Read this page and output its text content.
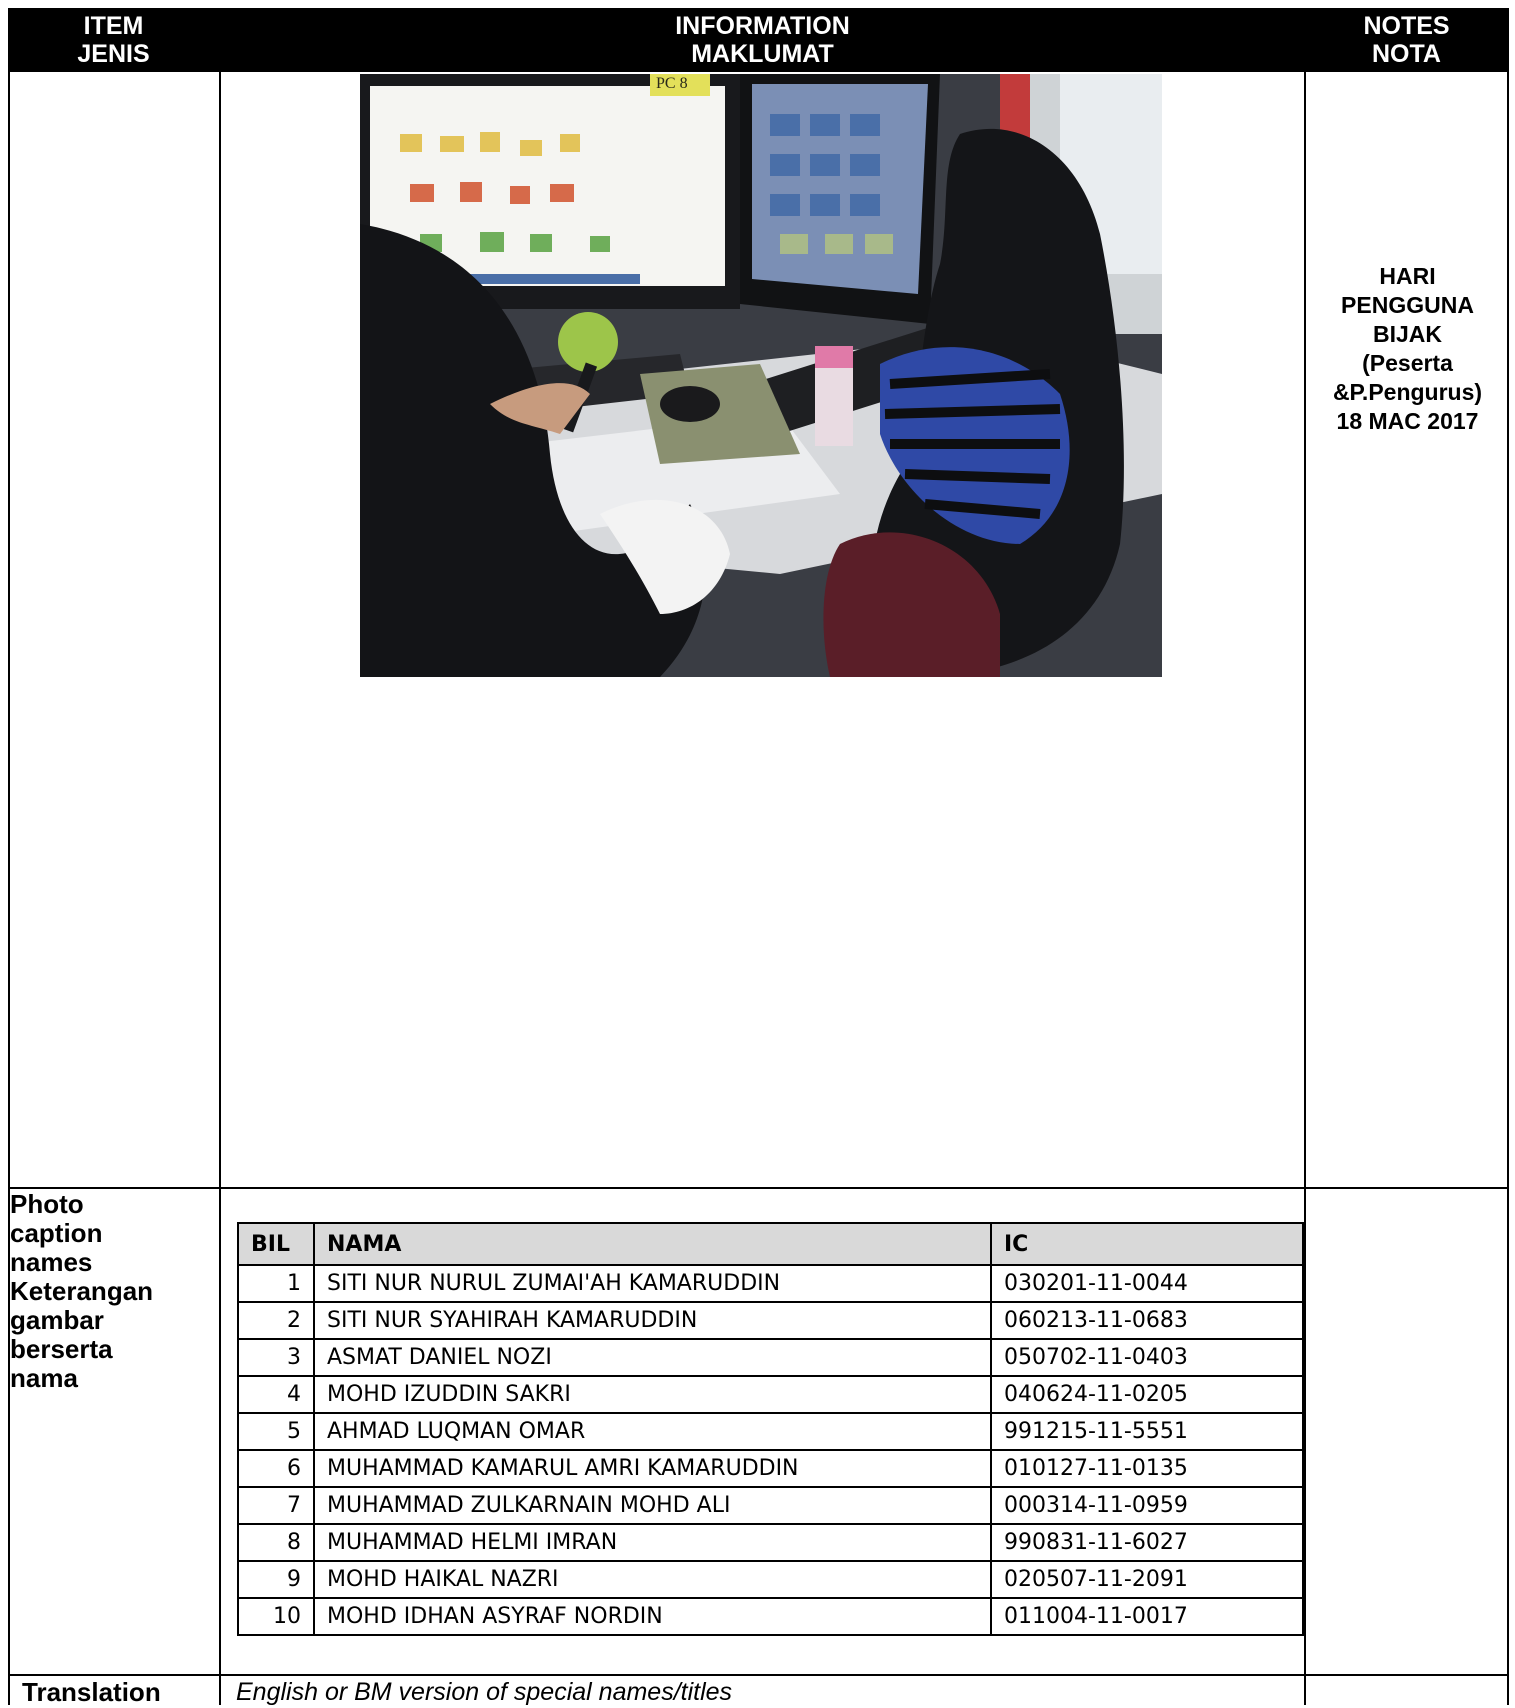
ITEM
JENIS
INFORMATION
MAKLUMAT
NOTES
NOTA
PC 8
HARI
PENGGUNA
BIJAK
(Peserta
&P.Pengurus)
18 MAC 2017
Photo
caption
names
Keterangan
gambar
berserta
nama
BIL	NAMA	IC
1	SITI NUR NURUL ZUMAI'AH KAMARUDDIN	030201-11-0044
2	SITI NUR SYAHIRAH KAMARUDDIN	060213-11-0683
3	ASMAT DANIEL NOZI	050702-11-0403
4	MOHD IZUDDIN SAKRI	040624-11-0205
5	AHMAD LUQMAN OMAR	991215-11-5551
6	MUHAMMAD KAMARUL AMRI KAMARUDDIN	010127-11-0135
7	MUHAMMAD ZULKARNAIN MOHD ALI	000314-11-0959
8	MUHAMMAD HELMI IMRAN	990831-11-6027
9	MOHD HAIKAL NAZRI	020507-11-2091
10	MOHD IDHAN ASYRAF NORDIN	011004-11-0017
Translation	English or BM version of special names/titles
